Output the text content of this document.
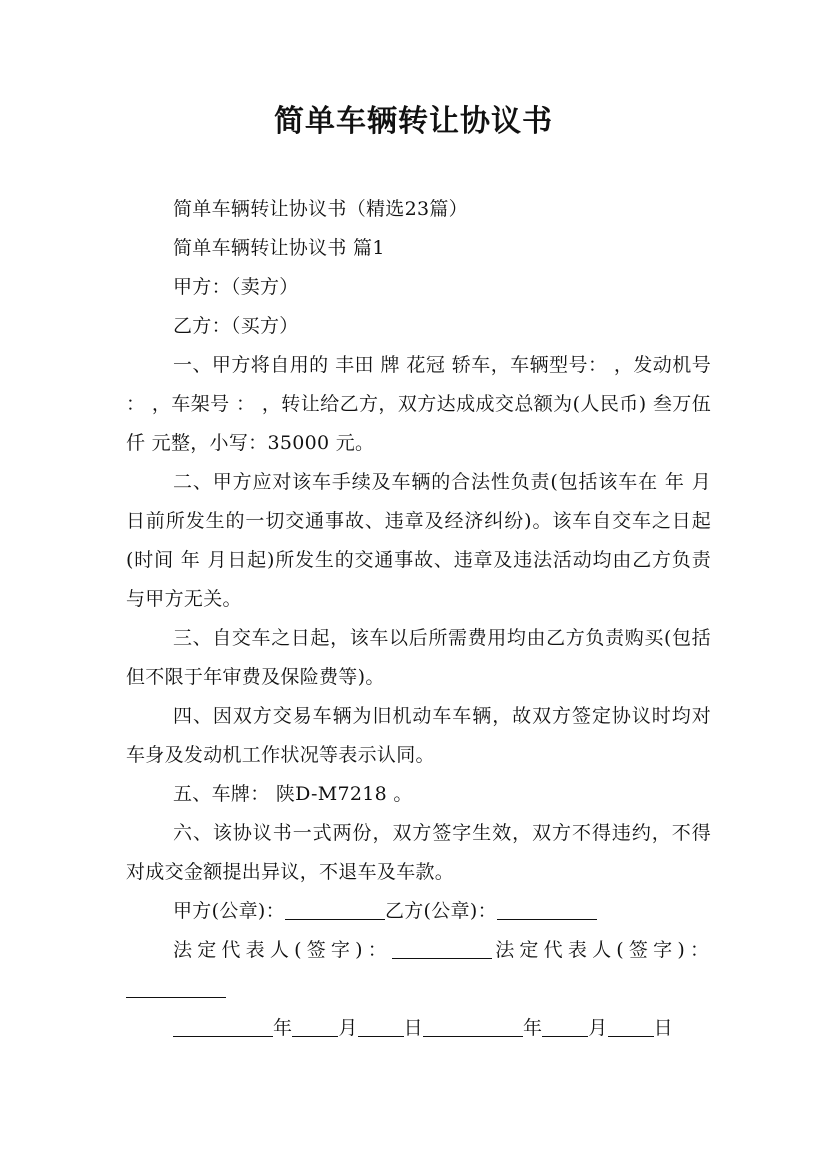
简单车辆转让协议书

简单车辆转让协议书（精选23篇）

简单车辆转让协议书 篇1

甲方：（卖方）

乙方：（买方）

一、甲方将自用的 丰田 牌 花冠 轿车，车辆型号： ，发动机号 ： ，车架号 ： ，转让给乙方，双方达成成交总额为(人民币) 叁万伍仟 元整，小写：35000 元。

二、甲方应对该车手续及车辆的合法性负责(包括该车在 年 月 日前所发生的一切交通事故、违章及经济纠纷)。该车自交车之日起(时间 年 月日起)所发生的交通事故、违章及违法活动均由乙方负责与甲方无关。

三、自交车之日起，该车以后所需费用均由乙方负责购买(包括但不限于年审费及保险费等)。

四、因双方交易车辆为旧机动车车辆，故双方签定协议时均对车身及发动机工作状况等表示认同。

五、车牌： 陕D-M7218 。

六、该协议书一式两份，双方签字生效，双方不得违约，不得对成交金额提出异议，不退车及车款。

甲方(公章)：	乙方(公章)：

法定代表人(签字)：	法定代表人(签字)：

年 月 日	年 月 日
